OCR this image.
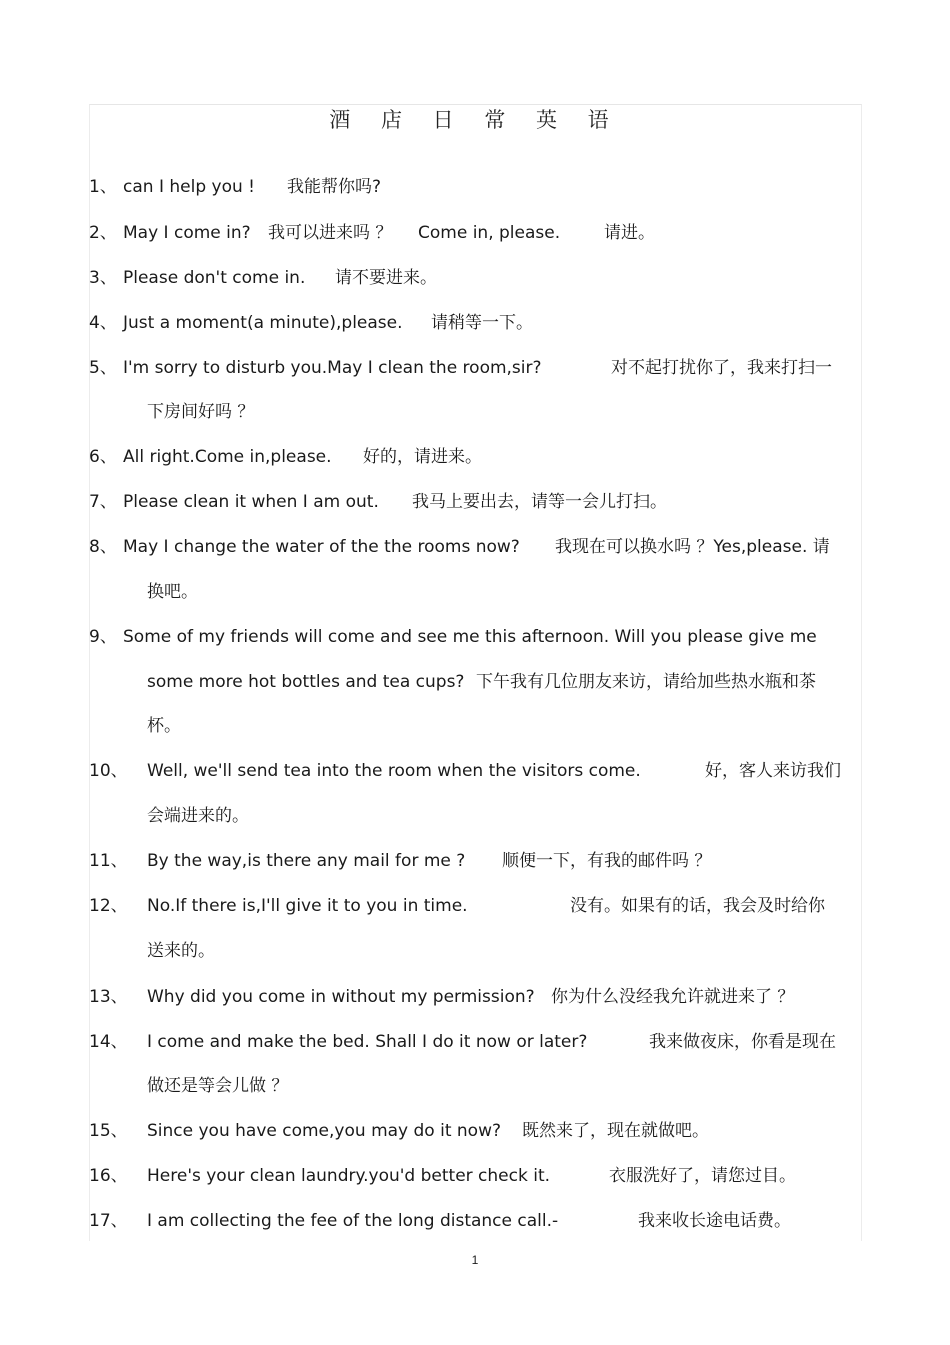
酒 店 日 常 英 语
1、 can I help you ! 我能帮你吗?
2、 May I come in? 我可以进来吗 ？ Come in, please.	请进。
3、 Please don't come in. 请不要进来。
4、 Just a moment(a minute),please. 请稍等一下。
5、 I'm sorry to disturb you.May I clean the room,sir?	对不起打扰你了，我来打扫一
下房间好吗 ？
6、 All right.Come in,please. 好的，请进来。
7、 Please clean it when I am out. 我马上要出去，请等一会儿打扫。
8、 May I change the water of the the rooms now? 我现在可以换水吗 ？Yes,please. 请
换吧。
9、 Some of my friends will come and see me this afternoon. Will you please give me
some more hot bottles and tea cups? 下午我有几位朋友来访，请给加些热水瓶和茶
杯。
10、 Well, we'll send tea into the room when the visitors come.	好，客人来访我们
会端进来的。
11、 By the way,is there any mail for me ? 顺便一下，有我的邮件吗 ？
12、 No.If there is,I'll give it to you in time.	没有。如果有的话，我会及时给你
送来的。
13、 Why did you come in without my permission? 你为什么没经我允许就进来了 ？
14、 I come and make the bed. Shall I do it now or later?	我来做夜床，你看是现在
做还是等会儿做 ？
15、 Since you have come,you may do it now? 既然来了，现在就做吧。
16、 Here's your clean laundry.you'd better check it.	衣服洗好了，请您过目。
17、 I am collecting the fee of the long distance call.-	我来收长途电话费。
1
